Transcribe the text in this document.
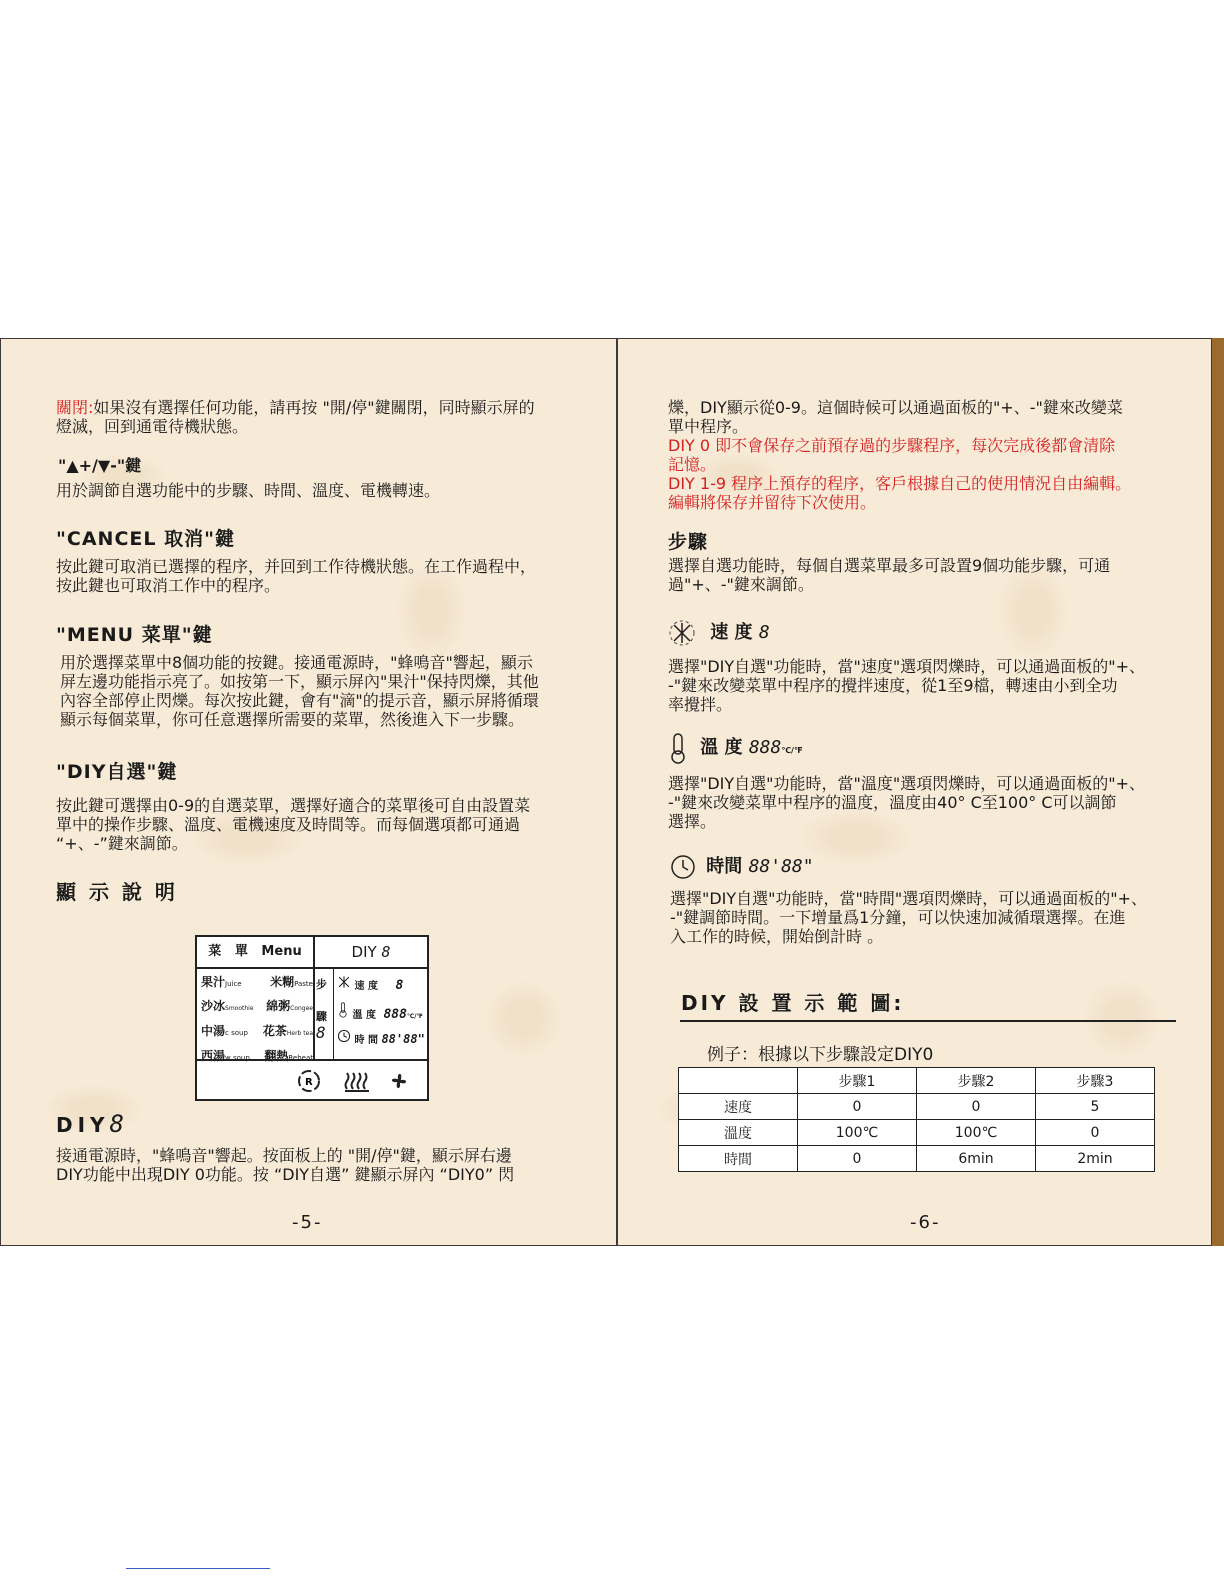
關閉:如果沒有選擇任何功能，請再按 "開/停"鍵關閉，同時顯示屏的
燈滅，回到通電待機狀態。
"▲+/▼-"鍵
用於調節自選功能中的步驟、時間、溫度、電機轉速。
"CANCEL 取消"鍵
按此鍵可取消已選擇的程序，并回到工作待機狀態。在工作過程中，
按此鍵也可取消工作中的程序。
"MENU 菜單"鍵
用於選擇菜單中8個功能的按鍵。接通電源時，"蜂鳴音"響起，顯示
屏左邊功能指示亮了。如按第一下，顯示屏內"果汁"保持閃爍，其他
內容全部停止閃爍。每次按此鍵，會有"滴"的提示音，顯示屏將循環
顯示每個菜單，你可任意選擇所需要的菜單，然後進入下一步驟。
"DIY自選"鍵
按此鍵可選擇由0-9的自選菜單，選擇好適合的菜單後可自由設置菜
單中的操作步驟、溫度、電機速度及時間等。而每個選項都可通過
“+、-”鍵來調節。
顯 示 說 明
菜   單   Menu	DIY 8
果汁Juice 米糊Paste
沙冰Smoothie 綿粥Congee
中湯c soup 花茶Herb tea
西湯w soup 翻熱Reheat
步

驟
8
速 度 8
溫 度 888℃/℉
時 間 88'88"
R
DIY8
接通電源時，"蜂鳴音"響起。按面板上的 "開/停"鍵，顯示屏右邊
DIY功能中出現DIY 0功能。按 “DIY自選” 鍵顯示屏內 “DIY0” 閃
-5-
爍，DIY顯示從0-9。這個時候可以通過面板的"+、-"鍵來改變菜
單中程序。
DIY 0 即不會保存之前預存過的步驟程序，每次完成後都會清除
記憶。
DIY 1-9 程序上預存的程序，客戶根據自己的使用情況自由編輯。
編輯將保存并留待下次使用。
步驟
選擇自選功能時，每個自選菜單最多可設置9個功能步驟，可通
過"+、-"鍵來調節。
速 度 8
選擇"DIY自選"功能時，當"速度"選項閃爍時，可以通過面板的"+、
-"鍵來改變菜單中程序的攪拌速度，從1至9檔，轉速由小到全功
率攪拌。
溫 度 888℃/℉
選擇"DIY自選"功能時，當"溫度"選項閃爍時，可以通過面板的"+、
-"鍵來改變菜單中程序的溫度，溫度由40° C至100° C可以調節
選擇。
時間 88'88"
選擇"DIY自選"功能時，當"時間"選項閃爍時，可以通過面板的"+、
-"鍵調節時間。一下增量爲1分鐘，可以快速加減循環選擇。在進
入工作的時候，開始倒計時 。
DIY 設 置 示 範 圖:
例子：根據以下步驟設定DIY0
	步驟1	步驟2	步驟3
速度	0	0	5
溫度	100℃	100℃	0
時間	0	6min	2min
-6-
